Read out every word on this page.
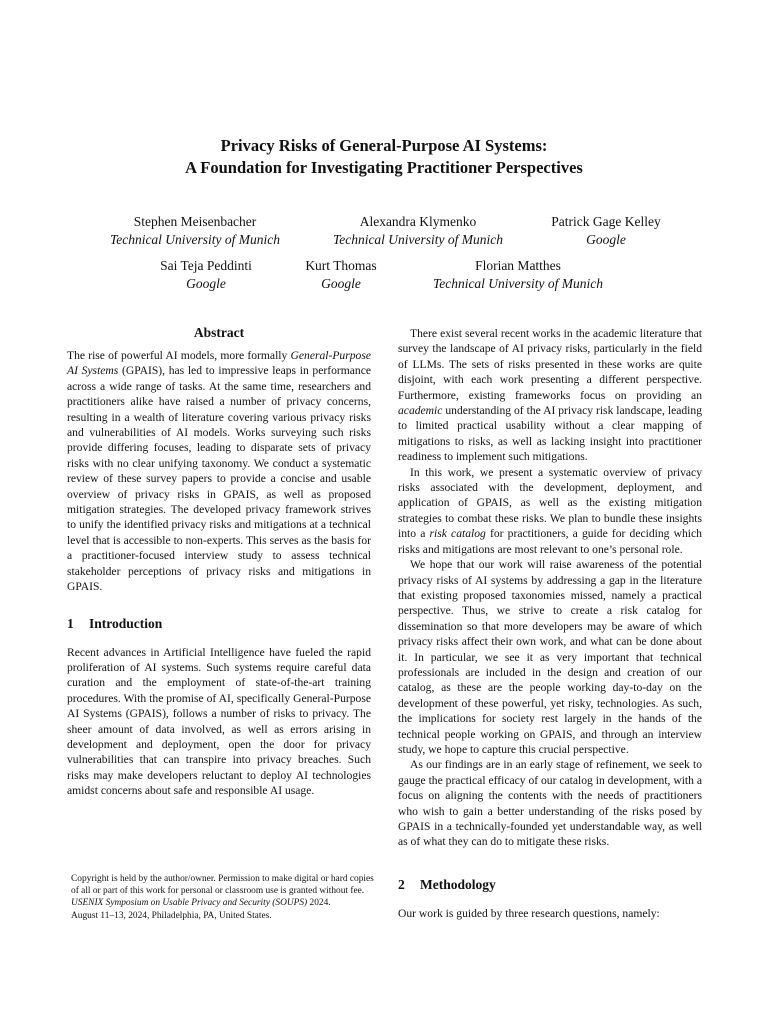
Privacy Risks of General-Purpose AI Systems:
A Foundation for Investigating Practitioner Perspectives
Stephen Meisenbacher
Technical University of Munich
Alexandra Klymenko
Technical University of Munich
Patrick Gage Kelley
Google
Sai Teja Peddinti
Google
Kurt Thomas
Google
Florian Matthes
Technical University of Munich
Abstract

The rise of powerful AI models, more formally General-Purpose AI Systems (GPAIS), has led to impressive leaps in performance across a wide range of tasks. At the same time, researchers and practitioners alike have raised a number of privacy concerns, resulting in a wealth of literature covering various privacy risks and vulnerabilities of AI models. Works surveying such risks provide differing focuses, leading to disparate sets of privacy risks with no clear unifying taxonomy. We conduct a systematic review of these survey papers to provide a concise and usable overview of privacy risks in GPAIS, as well as proposed mitigation strategies. The developed privacy framework strives to unify the identified privacy risks and mitigations at a technical level that is accessible to non-experts. This serves as the basis for a practitioner-focused interview study to assess technical stakeholder perceptions of privacy risks and mitigations in GPAIS.

1 Introduction

Recent advances in Artificial Intelligence have fueled the rapid proliferation of AI systems. Such systems require careful data curation and the employment of state-of-the-art training procedures. With the promise of AI, specifically General-Purpose AI Systems (GPAIS), follows a number of risks to privacy. The sheer amount of data involved, as well as errors arising in development and deployment, open the door for privacy vulnerabilities that can transpire into privacy breaches. Such risks may make developers reluctant to deploy AI technologies amidst concerns about safe and responsible AI usage.

Copyright is held by the author/owner. Permission to make digital or hard copies of all or part of this work for personal or classroom use is granted without fee.
USENIX Symposium on Usable Privacy and Security (SOUPS) 2024.
August 11–13, 2024, Philadelphia, PA, United States.

There exist several recent works in the academic literature that survey the landscape of AI privacy risks, particularly in the field of LLMs. The sets of risks presented in these works are quite disjoint, with each work presenting a different perspective. Furthermore, existing frameworks focus on providing an academic understanding of the AI privacy risk landscape, leading to limited practical usability without a clear mapping of mitigations to risks, as well as lacking insight into practitioner readiness to implement such mitigations.

In this work, we present a systematic overview of privacy risks associated with the development, deployment, and application of GPAIS, as well as the existing mitigation strategies to combat these risks. We plan to bundle these insights into a risk catalog for practitioners, a guide for deciding which risks and mitigations are most relevant to one’s personal role.

We hope that our work will raise awareness of the potential privacy risks of AI systems by addressing a gap in the literature that existing proposed taxonomies missed, namely a practical perspective. Thus, we strive to create a risk catalog for dissemination so that more developers may be aware of which privacy risks affect their own work, and what can be done about it. In particular, we see it as very important that technical professionals are included in the design and creation of our catalog, as these are the people working day-to-day on the development of these powerful, yet risky, technologies. As such, the implications for society rest largely in the hands of the technical people working on GPAIS, and through an interview study, we hope to capture this crucial perspective.

As our findings are in an early stage of refinement, we seek to gauge the practical efficacy of our catalog in development, with a focus on aligning the contents with the needs of practitioners who wish to gain a better understanding of the risks posed by GPAIS in a technically-founded yet understandable way, as well as of what they can do to mitigate these risks.

2 Methodology

Our work is guided by three research questions, namely:
